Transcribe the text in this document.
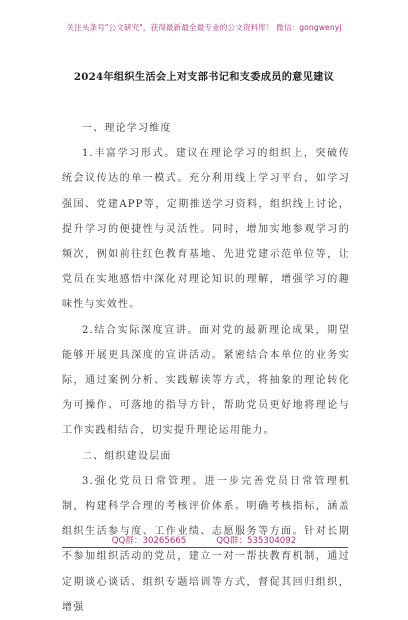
关注头条号"公文研究"，获得最新最全最专业的公文资料库！ 微信：gongwenyj
2024年组织生活会上对支部书记和支委成员的意见建议

一、理论学习维度

1.丰富学习形式。建议在理论学习的组织上，突破传统会议传达的单一模式。充分利用线上学习平台，如学习强国、党建APP等，定期推送学习资料，组织线上讨论，提升学习的便捷性与灵活性。同时，增加实地参观学习的频次，例如前往红色教育基地、先进党建示范单位等，让党员在实地感悟中深化对理论知识的理解，增强学习的趣味性与实效性。

2.结合实际深度宣讲。面对党的最新理论成果，期望能够开展更具深度的宣讲活动。紧密结合本单位的业务实际，通过案例分析、实践解读等方式，将抽象的理论转化为可操作、可落地的指导方针，帮助党员更好地将理论与工作实践相结合，切实提升理论运用能力。

二、组织建设层面

3.强化党员日常管理。进一步完善党员日常管理机制，构建科学合理的考核评价体系。明确考核指标，涵盖组织生活参与度、工作业绩、志愿服务等方面。针对长期不参加组织活动的党员，建立一对一帮扶教育机制，通过定期谈心谈话、组织专题培训等方式，督促其回归组织，增强

QQ群：30265665	QQ群：535304092
